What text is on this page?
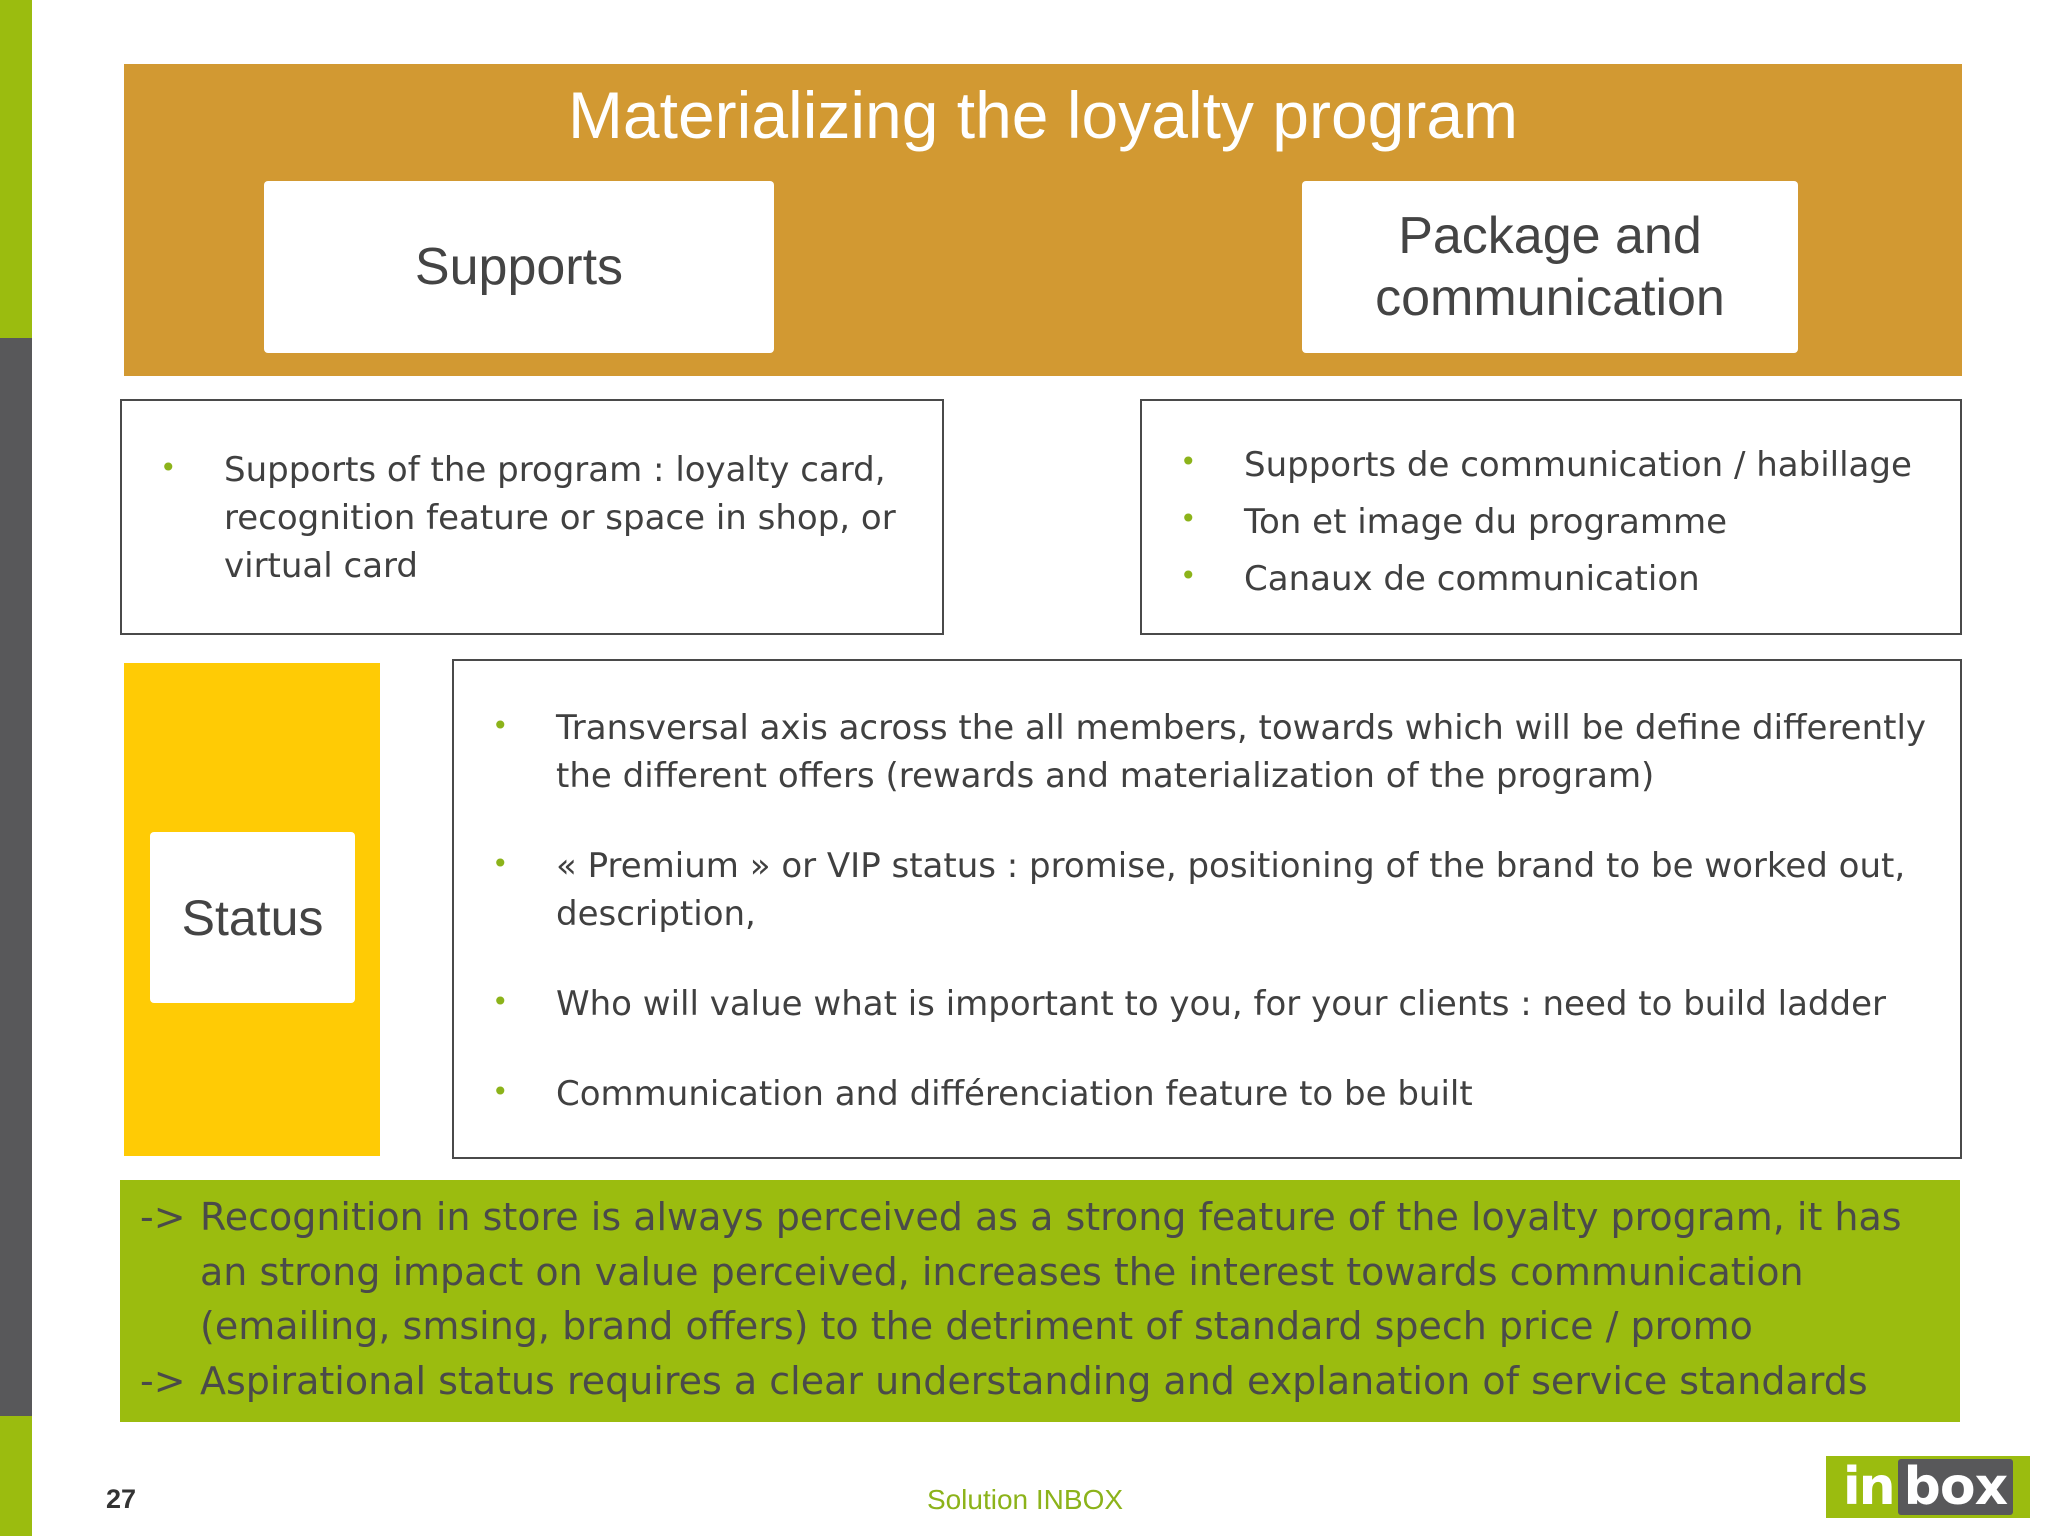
Materializing the loyalty program
Supports
Package and
communication
• Supports of the program : loyalty card, recognition feature or space in shop, or virtual card
• Supports de communication / habillage
• Ton et image du programme
• Canaux de communication
Status
• Transversal axis across the all members, towards which will be define differently the different offers (rewards and materialization of the program)
• « Premium » or VIP status : promise, positioning of the brand to be worked out, description,
• Who will value what is important to you, for your clients : need to build ladder
• Communication and différenciation feature to be built
-> Recognition in store is always perceived as a strong feature of the loyalty program, it has an strong impact on value perceived, increases the interest towards communication (emailing, smsing, brand offers) to the detriment of standard spech price / promo
-> Aspirational status requires a clear understanding and explanation of service standards
27	Solution INBOX	in box
